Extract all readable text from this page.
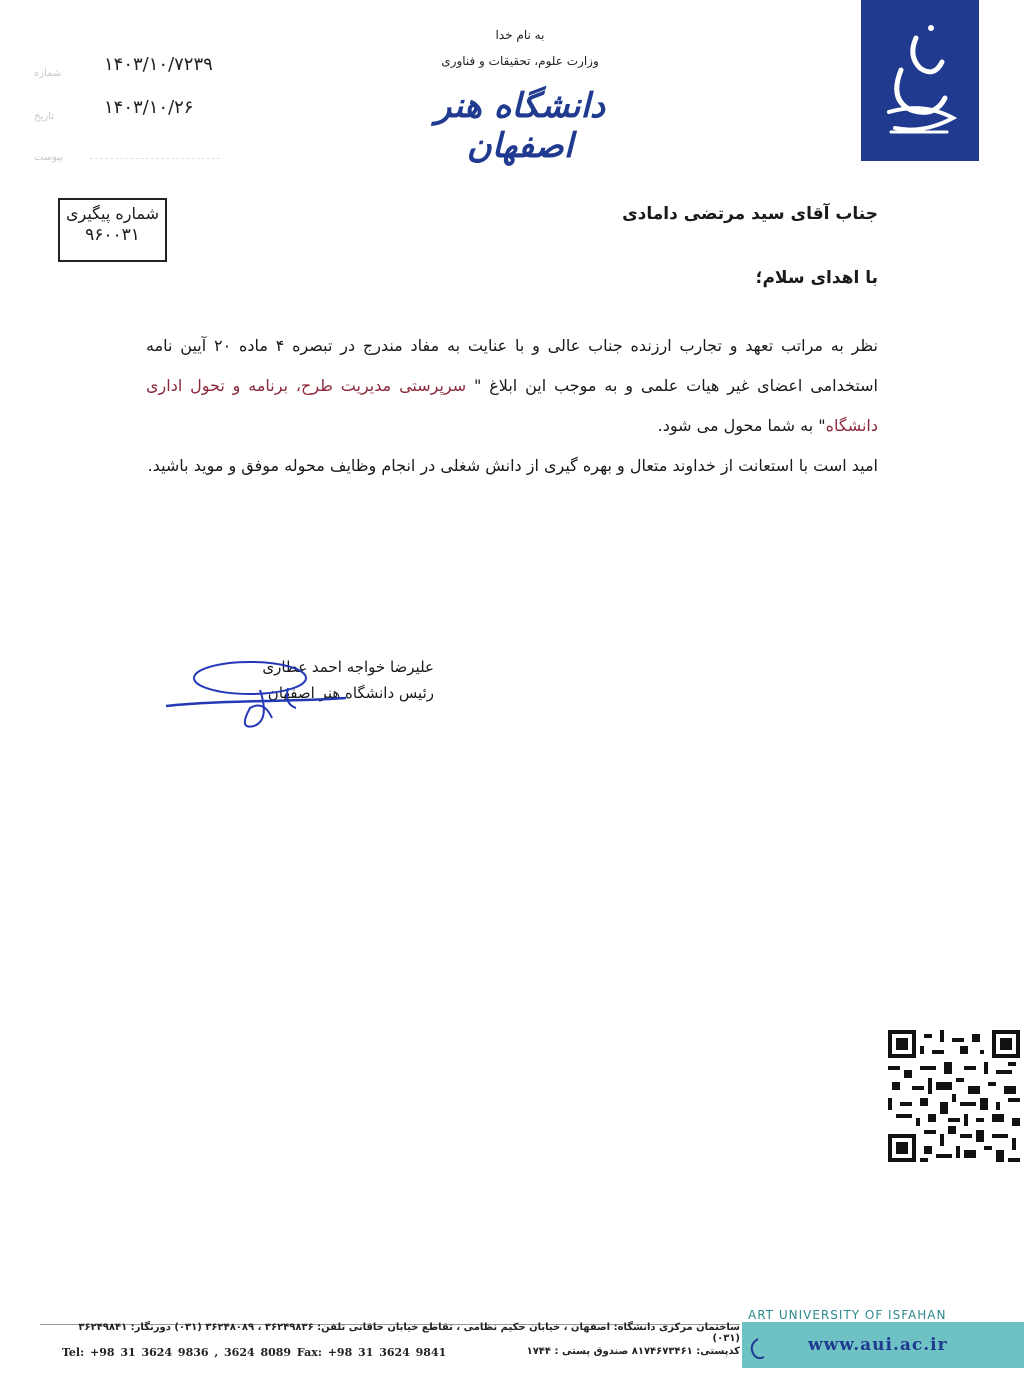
به نام خدا
وزارت علوم، تحقیقات و فناوری
دانشگاه هنر اصفهان
شماره ۱۴۰۳/۱۰/۷۲۳۹
تاریخ	۱۴۰۳/۱۰/۲۶
پیوست
شماره پیگیری
۹۶۰۰۳۱
جناب آقای سید مرتضی دامادی
با اهدای سلام؛

نظر به مراتب تعهد و تجارب ارزنده جناب عالی و با عنایت به مفاد مندرج در تبصره ۴ ماده ۲۰ آیین نامه استخدامی اعضای غیر هیات علمی و به موجب این ابلاغ " سرپرستی مدیریت طرح، برنامه و تحول اداری دانشگاه" به شما محول می شود.

امید است با استعانت از خداوند متعال و بهره گیری از دانش شغلی در انجام وظایف محوله موفق و موید باشید.

علیرضا خواجه احمد عطاری
رئیس دانشگاه هنر اصفهان
ساختمان مرکزی دانشگاه: اصفهان ، خیابان حکیم نظامی ، تقاطع خیابان خاقانی تلفن: ۳۶۲۴۹۸۳۶ ، ۳۶۲۴۸۰۸۹ (۰۳۱) دورنگار: ۳۶۲۴۹۸۴۱ (۰۳۱)
کدپستی: ۸۱۷۴۶۷۳۴۶۱ صندوق پستی : ۱۷۴۴
Tel: +98 31 3624 9836 , 3624 8089 Fax: +98 31 3624 9841
ART UNIVERSITY OF ISFAHAN
www.aui.ac.ir
